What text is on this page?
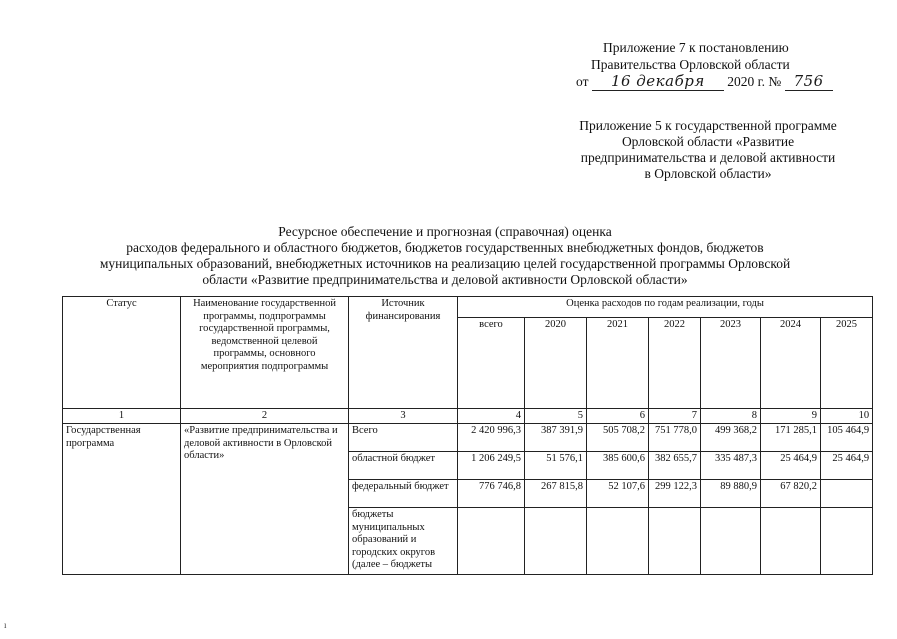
Приложение 7 к постановлению
Правительства Орловской области
от 16 декабря 2020 г. № 756
Приложение 5 к государственной программе
Орловской области «Развитие
предпринимательства и деловой активности
в Орловской области»
Ресурсное обеспечение и прогнозная (справочная) оценка
расходов федерального и областного бюджетов, бюджетов государственных внебюджетных фондов, бюджетов
муниципальных образований, внебюджетных источников на реализацию целей государственной программы Орловской
области «Развитие предпринимательства и деловой активности Орловской области»
Статус	Наименование государственной программы, подпрограммы государственной программы, ведомственной целевой программы, основного мероприятия подпрограммы	Источник финансирования	Оценка расходов по годам реализации, годы						
			всего	2020	2021	2022	2023	2024	2025
1	2	3	4	5	6	7	8	9	10
Государственная программа	«Развитие предпринимательства и деловой активности в Орловской области»	Всего	2 420 996,3	387 391,9	505 708,2	751 778,0	499 368,2	171 285,1	105 464,9
		областной бюджет	1 206 249,5	51 576,1	385 600,6	382 655,7	335 487,3	25 464,9	25 464,9
		федеральный бюджет	776 746,8	267 815,8	52 107,6	299 122,3	89 880,9	67 820,2	
		бюджеты муниципальных образований и городских округов (далее – бюджеты							
ı
